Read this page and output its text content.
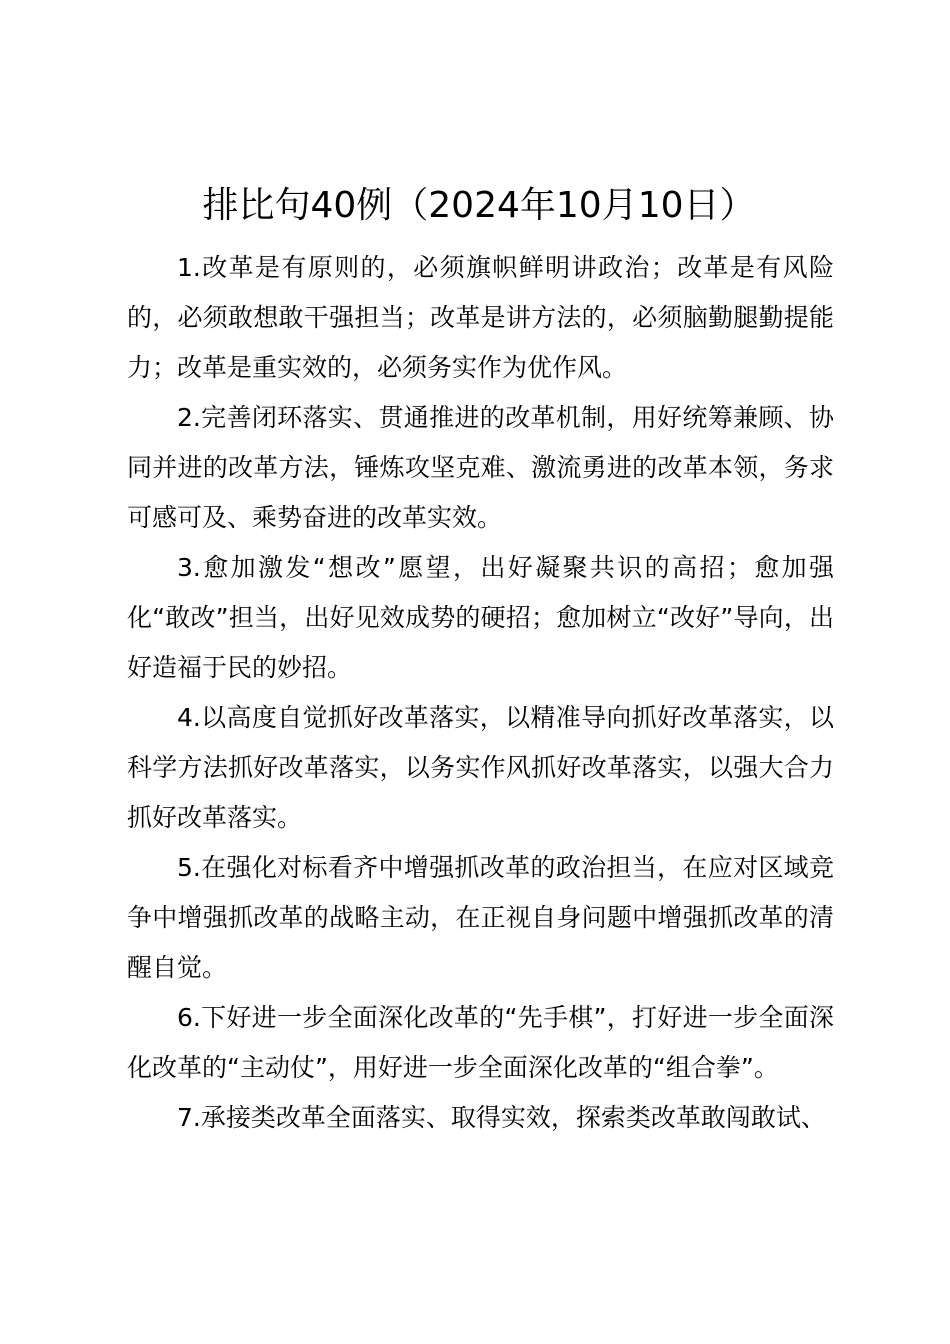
排比句40例（2024年10月10日）

1.改革是有原则的，必须旗帜鲜明讲政治；改革是有风险的，必须敢想敢干强担当；改革是讲方法的，必须脑勤腿勤提能力；改革是重实效的，必须务实作为优作风。

2.完善闭环落实、贯通推进的改革机制，用好统筹兼顾、协同并进的改革方法，锤炼攻坚克难、激流勇进的改革本领，务求可感可及、乘势奋进的改革实效。

3.愈加激发“想改”愿望，出好凝聚共识的高招；愈加强化“敢改”担当，出好见效成势的硬招；愈加树立“改好”导向，出好造福于民的妙招。

4.以高度自觉抓好改革落实，以精准导向抓好改革落实，以科学方法抓好改革落实，以务实作风抓好改革落实，以强大合力抓好改革落实。

5.在强化对标看齐中增强抓改革的政治担当，在应对区域竞争中增强抓改革的战略主动，在正视自身问题中增强抓改革的清醒自觉。

6.下好进一步全面深化改革的“先手棋”，打好进一步全面深化改革的“主动仗”，用好进一步全面深化改革的“组合拳”。

7.承接类改革全面落实、取得实效，探索类改革敢闯敢试、
